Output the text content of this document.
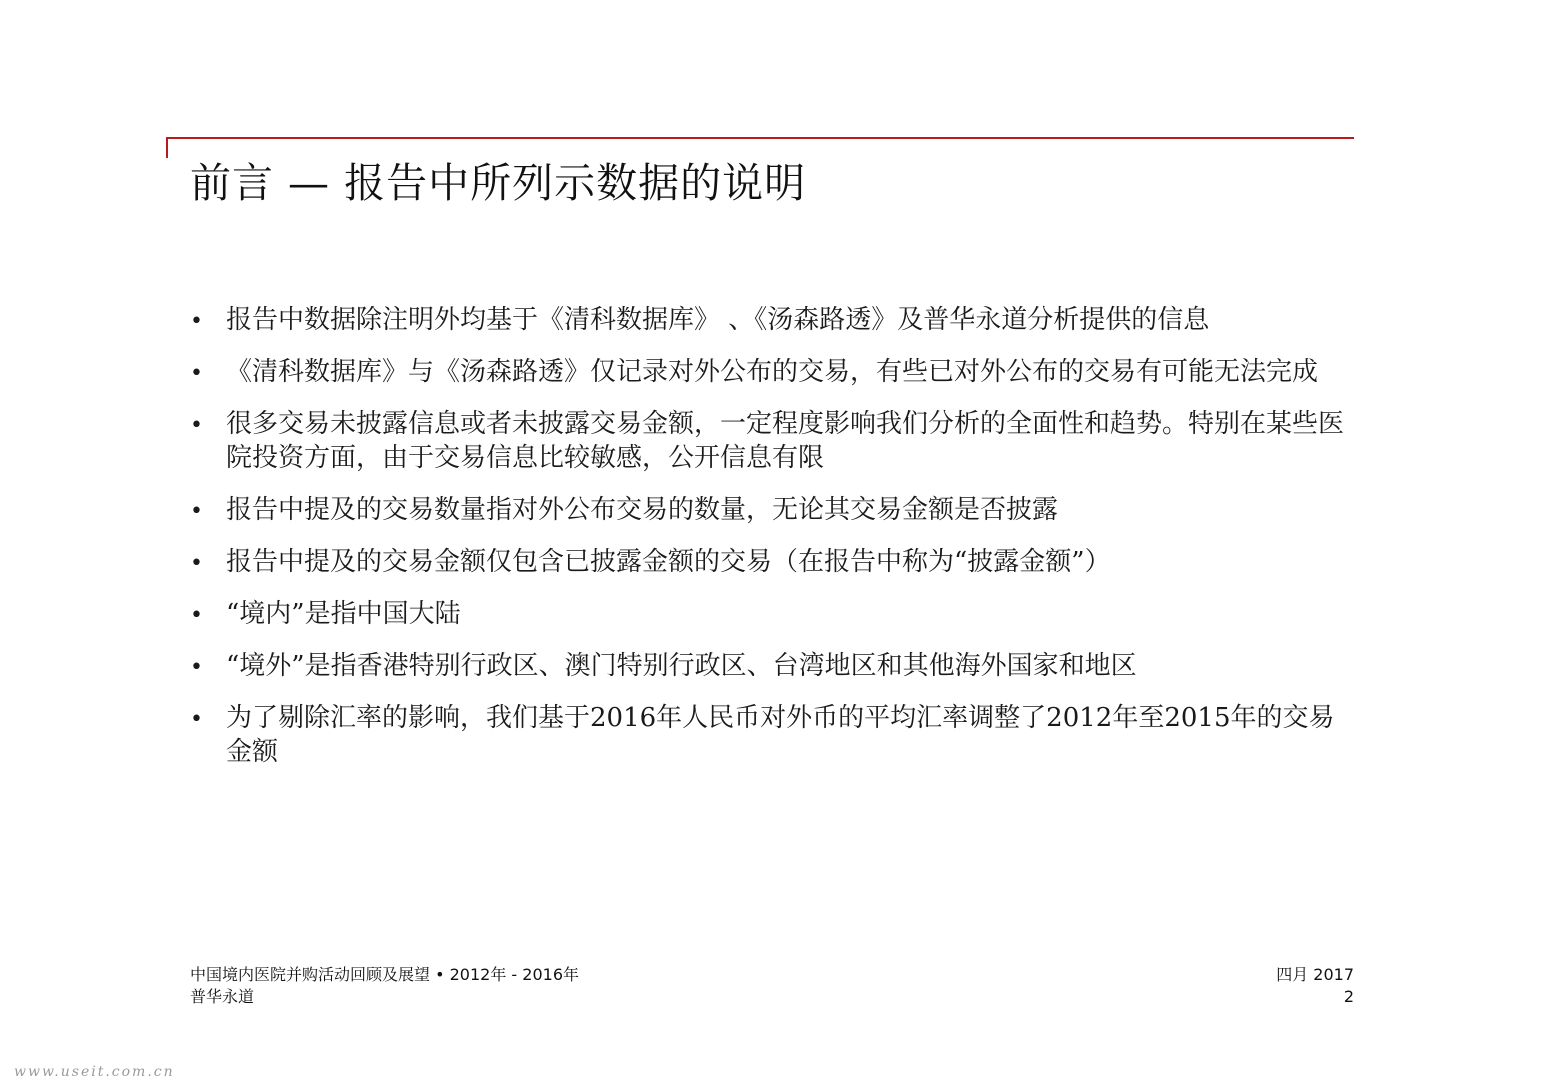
前言 — 报告中所列示数据的说明
• 报告中数据除注明外均基于《清科数据库》 、《汤森路透》及普华永道分析提供的信息
• 《清科数据库》与《汤森路透》仅记录对外公布的交易，有些已对外公布的交易有可能无法完成
• 很多交易未披露信息或者未披露交易金额，一定程度影响我们分析的全面性和趋势。特别在某些医院投资方面，由于交易信息比较敏感，公开信息有限
• 报告中提及的交易数量指对外公布交易的数量，无论其交易金额是否披露
• 报告中提及的交易金额仅包含已披露金额的交易（在报告中称为“披露金额”）
• “境内”是指中国大陆
• “境外”是指香港特别行政区、澳门特别行政区、台湾地区和其他海外国家和地区
• 为了剔除汇率的影响，我们基于2016年人民币对外币的平均汇率调整了2012年至2015年的交易金额
中国境内医院并购活动回顾及展望 • 2012年 - 2016年
普华永道
四月 2017
2
www.useit.com.cn
